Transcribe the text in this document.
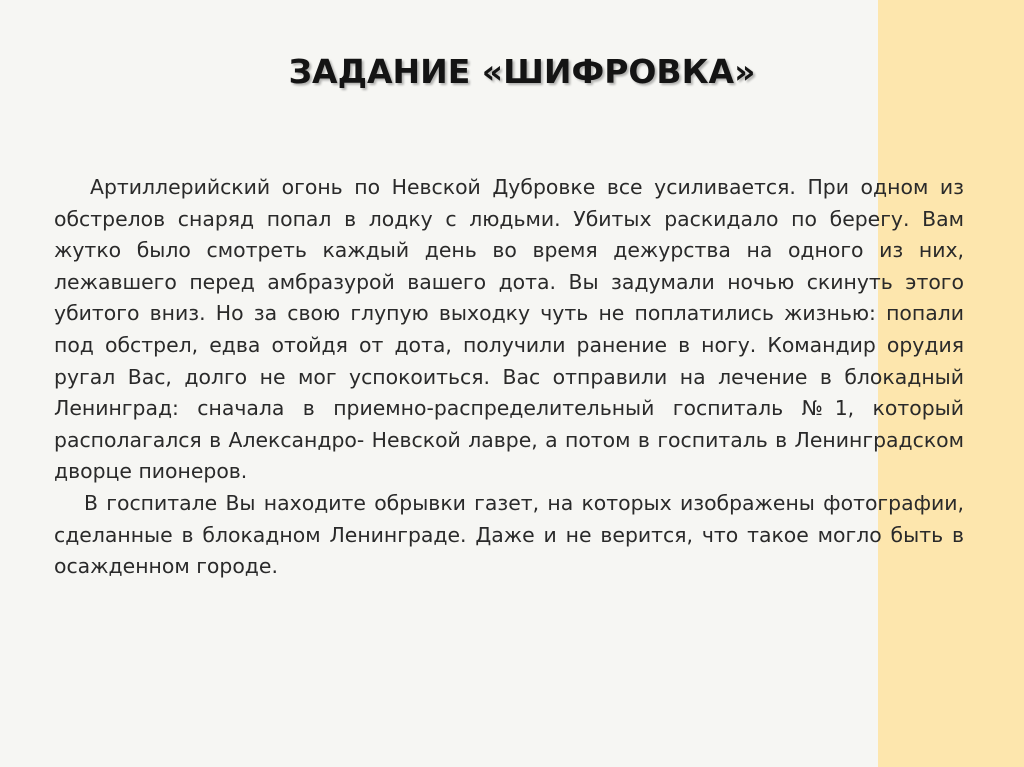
ЗАДАНИЕ «ШИФРОВКА»

Артиллерийский огонь по Невской Дубровке все усиливается. При одном из обстрелов снаряд попал в лодку с людьми. Убитых раскидало по берегу. Вам жутко было смотреть каждый день во время дежурства на одного из них, лежавшего перед амбразурой вашего дота. Вы задумали ночью скинуть этого убитого вниз. Но за свою глупую выходку чуть не поплатились жизнью: попали под обстрел, едва отойдя от дота, получили ранение в ногу. Командир орудия ругал Вас, долго не мог успокоиться. Вас отправили на лечение в блокадный Ленинград: сначала в приемно-распределительный госпиталь №1, который располагался в Александро- Невской лавре, а потом в госпиталь в Ленинградском дворце пионеров.

В госпитале Вы находите обрывки газет, на которых изображены фотографии, сделанные в блокадном Ленинграде. Даже и не верится, что такое могло быть в осажденном городе.
